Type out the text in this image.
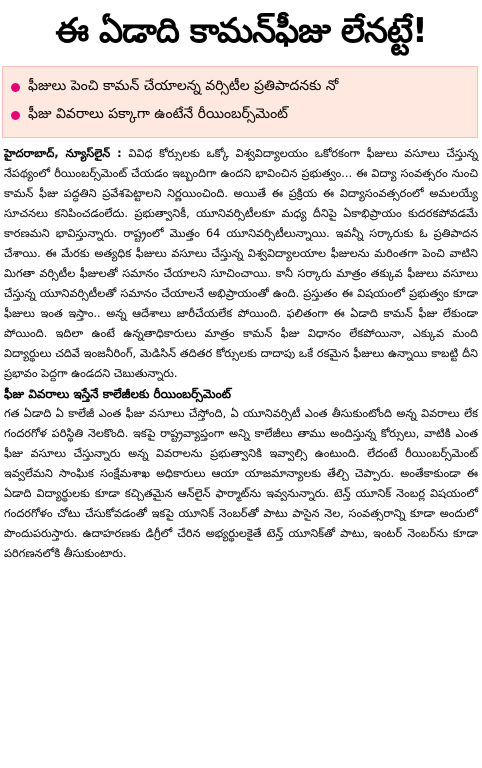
ఈ ఏడాది కామన్‌ఫీజు లేనట్టే!
ఫీజులు పెంచి కామన్ చేయాలన్న వర్సిటీల ప్రతిపాదనకు నో
ఫీజు వివరాలు పక్కాగా ఉంటేనే రీయింబర్స్‌మెంట్

హైదరాబాద్, న్యూస్‌లైన్ : వివిధ కోర్సులకు ఒక్కో విశ్వవిద్యాలయం ఒకోరకంగా ఫీజులు వసూలు చేస్తున్న నేపథ్యంలో రీయింబర్స్‌మెంట్ చేయడం ఇబ్బందిగా ఉందని భావించిన ప్రభుత్వం... ఈ విద్యా సంవత్సరం నుంచి కామన్ ఫీజు పద్ధతిని ప్రవేశపెట్టాలని నిర్ణయించింది. అయితే ఈ ప్రక్రియ ఈ విద్యాసంవత్సరంలో అమలయ్యే సూచనలు కనిపించడంలేదు. ప్రభుత్వానికీ, యూనివర్సిటీలకూ మధ్య దీనిపై ఏకాభిప్రాయం కుదరకపోవడమే కారణమని భావిస్తున్నారు. రాష్ట్రంలో మొత్తం 64 యూనివర్సిటీలున్నాయి. ఇవన్నీ సర్కారుకు ఓ ప్రతిపాదన చేశాయి. ఈ మేరకు అత్యధిక ఫీజులు వసూలు చేస్తున్న విశ్వవిద్యాలయాల ఫీజులను మరింతగా పెంచి వాటిని మిగతా వర్సిటీల ఫీజులతో సమానం చేయాలని సూచించాయి. కానీ సర్కారు మాత్రం తక్కువ ఫీజులు వసూలు చేస్తున్న యూనివర్సిటీలతో సమానం చేయాలనే అభిప్రాయంతో ఉంది. ప్రస్తుతం ఈ విషయంలో ప్రభుత్వం కూడా ఫీజులు ఇంత ఇస్తాం.. అన్న ఆదేశాలు జారీచేయలేక పోయింది. ఫలితంగా ఈ ఏడాది కామన్ ఫీజు లేకుండా పోయింది. ఇదిలా ఉంటే ఉన్నతాధికారులు మాత్రం కామన్ ఫీజు విధానం లేకపోయినా, ఎక్కువ మంది విద్యార్థులు చదివే ఇంజనీరింగ్, మెడిసిన్ తదితర కోర్సులకు దాదాపు ఒకే రకమైన ఫీజులు ఉన్నాయి కాబట్టి దీని ప్రభావం పెద్దగా ఉండదని చెబుతున్నారు.

ఫీజు వివరాలు ఇస్తేనే కాలేజీలకు రీయింబర్స్‌మెంట్

గత ఏడాది ఏ కాలేజీ ఎంత ఫీజు వసూలు చేస్తోంది, ఏ యూనివర్సిటీ ఎంత తీసుకుంటోంది అన్న వివరాలు లేక గందరగోళ పరిస్థితి నెలకొంది. ఇకపై రాష్ట్రవ్యాప్తంగా అన్ని కాలేజీలు తాము అందిస్తున్న కోర్సులు, వాటికి ఎంత ఫీజు వసూలు చేస్తున్నారు అన్న వివరాలను ప్రభుత్వానికి ఇవ్వాల్సి ఉంటుంది. లేదంటే రీయింబర్స్‌మెంట్ ఇవ్వలేమని సాంఘిక సంక్షేమశాఖ అధికారులు ఆయా యాజమాన్యాలకు తేల్చి చెప్పారు. అంతేకాకుండా ఈ ఏడాది విద్యార్థులకు కూడా కచ్చితమైన ఆన్‌లైన్ ఫార్మాట్‌ను ఇవ్వనున్నారు. టెన్త్ యూనిక్ నెంబర్ల విషయంలో గందరగోళం చోటు చేసుకోవడంతో ఇకపై యూనిక్ నెంబర్‌తో పాటు పాసైన నెల, సంవత్సరాన్ని కూడా అందులో పొందుపరుస్తారు. ఉదాహరణకు డిగ్రీలో చేరిన అభ్యర్థులకైతే టెన్త్ యూనిక్‌తో పాటు, ఇంటర్ నెంబర్‌ను కూడా పరిగణనలోకి తీసుకుంటారు.
